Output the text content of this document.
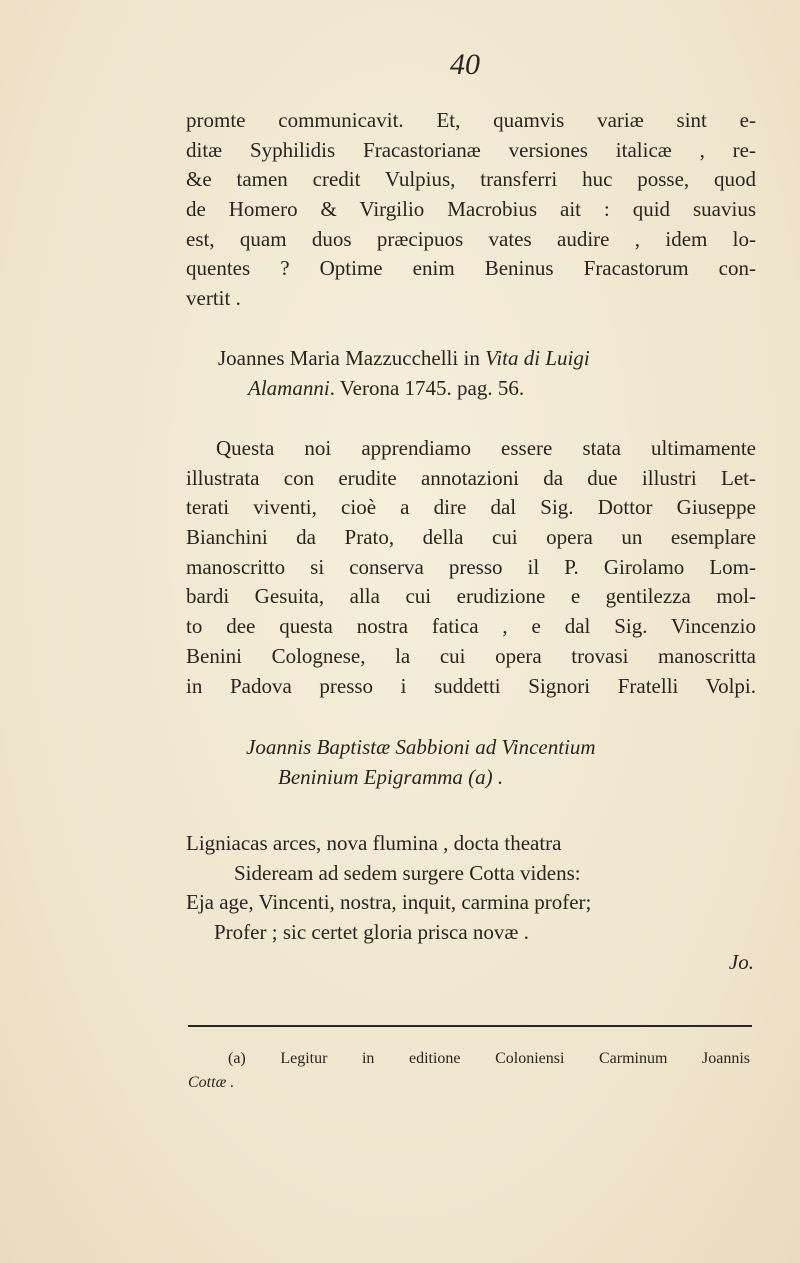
40
promte communicavit. Et, quamvis variæ sint e-
ditæ Syphilidis Fracastorianæ versiones italicæ , re-
&e tamen credit Vulpius, transferri huc posse, quod
de Homero & Virgilio Macrobius ait : quid suavius
est, quam duos præcipuos vates audire , idem lo-
quentes ? Optime enim Beninus Fracastorum con-
vertit .
Joannes Maria Mazzucchelli in Vita di Luigi
Alamanni. Verona 1745. pag. 56.
Questa noi apprendiamo essere stata ultimamente
illustrata con erudite annotazioni da due illustri Let-
terati viventi, cioè a dire dal Sig. Dottor Giuseppe
Bianchini da Prato, della cui opera un esemplare
manoscritto si conserva presso il P. Girolamo Lom-
bardi Gesuita, alla cui erudizione e gentilezza mol-
to dee questa nostra fatica , e dal Sig. Vincenzio
Benini Colognese, la cui opera trovasi manoscritta
in Padova presso i suddetti Signori Fratelli Volpi.
Joannis Baptistæ Sabbioni ad Vincentium
Beninium Epigramma (a) .
Ligniacas arces, nova flumina , docta theatra
Sideream ad sedem surgere Cotta videns:
Eja age, Vincenti, nostra, inquit, carmina profer;
Profer ; sic certet gloria prisca novæ .
Jo.
(a) Legitur in editione Coloniensi Carminum Joannis
Cottæ .
